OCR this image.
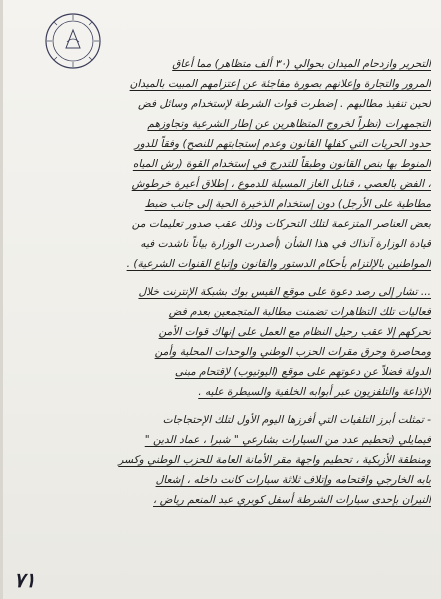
التحرير وازدحام الميدان بحوالي (٣٠ ألف متظاهر) مما أعاق
المرور والتجارة وإعلانهم بصورة مفاجئة عن إعتزامهم المبيت بالميدان
لحين تنفيذ مطالبهم . إضطرت قوات الشرطة لإستخدام وسائل فض
التجمهرات (نظراً لخروج المتظاهرين عن إطار الشرعية وتجاوزهم
حدود الحريات التي كفلها القانون وعدم إستجابتهم للنصح) وفقاً للدور
المنوط بها بنص القانون وطبقاً للتدرج في إستخدام القوة (رش المياه
، الفض بالعصي ، قنابل الغاز المسيلة للدموع ، إطلاق أعيرة خرطوش
مطاطية على الأرجل) دون إستخدام الذخيرة الحية إلى جانب ضبط
بعض العناصر المتزعمة لتلك التحركات وذلك عقب صدور تعليمات من
قيادة الوزارة آنذاك في هذا الشأن (أصدرت الوزارة بياناً ناشدت فيه
المواطنين بالإلتزام بأحكام الدستور والقانون وإتباع القنوات الشرعية) .
... تشار إلى رصد دعوة على موقع الفيس بوك بشبكة الإنترنت خلال
فعاليات تلك التظاهرات تضمنت مطالبة المتجمعين بعدم فض
تحركهم إلا عقب رحيل النظام مع العمل على إنهاك قوات الأمن
ومحاصرة وحرق مقرات الحزب الوطني والوحدات المحلية وأمن
الدولة فضلاً عن دعوتهم على موقع (اليوتيوب) لإقتحام مبنى
الإذاعة والتلفزيون عبر أبوابه الخلفية والسيطرة عليه .
- تمثلت أبرز التلفيات التي أفرزها اليوم الأول لتلك الإحتجاجات
فيمايلي (تحطيم عدد من السيارات بشارعي " شبرا ، عماد الدين "
ومنطقة الأزبكية ، تحطيم واجهة مقر الأمانة العامة للحزب الوطني وكسر
بابه الخارجي واقتحامه وإتلاف ثلاثة سيارات كانت داخله ، إشعال
النيران بإحدى سيارات الشرطة أسفل كوبري عبد المنعم رياض ،
٧١
